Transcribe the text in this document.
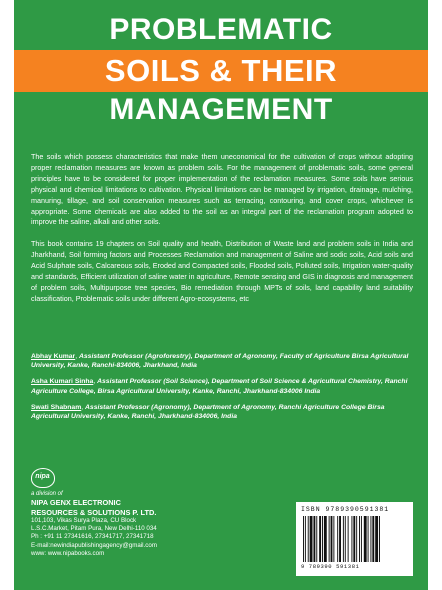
PROBLEMATIC
SOILS & THEIR
MANAGEMENT

The soils which possess characteristics that make them uneconomical for the cultivation of crops without adopting proper reclamation measures are known as problem soils. For the management of problematic soils, some general principles have to be considered for proper implementation of the reclamation measures. Some soils have serious physical and chemical limitations to cultivation. Physical limitations can be managed by irrigation, drainage, mulching, manuring, tillage, and soil conservation measures such as terracing, contouring, and cover crops, whichever is appropriate. Some chemicals are also added to the soil as an integral part of the reclamation program adopted to improve the saline, alkali and other soils.

This book contains 19 chapters on Soil quality and health, Distribution of Waste land and problem soils in India and Jharkhand, Soil forming factors and Processes Reclamation and management of Saline and sodic soils, Acid soils and Acid Sulphate soils, Calcareous soils, Eroded and Compacted soils, Flooded soils, Polluted soils, Irrigation water-quality and standards, Efficient utilization of saline water in agriculture, Remote sensing and GIS in diagnosis and management of problem soils, Multipurpose tree species, Bio remediation through MPTs of soils, land capability land suitability classification, Problematic soils under different Agro-ecosystems, etc

Abhay Kumar, Assistant Professor (Agroforestry), Department of Agronomy, Faculty of Agriculture Birsa Agricultural University, Kanke, Ranchi-834006, Jharkhand, India
Asha Kumari Sinha, Assistant Professor (Soil Science), Department of Soil Science & Agricultural Chemistry, Ranchi Agriculture College, Birsa Agricultural University, Kanke, Ranchi, Jharkhand-834006 India
Swati Shabnam, Assistant Professor (Agronomy), Department of Agronomy, Ranchi Agriculture College Birsa Agricultural University, Kanke, Ranchi, Jharkhand-834006, India
nipa
a division of
NIPA GENX ELECTRONIC
RESOURCES & SOLUTIONS P. LTD.
101,103, Vikas Surya Plaza, CU Block
L.S.C.Market, Pitam Pura, New Delhi-110 034
Ph : +91 11 27341616, 27341717, 27341718
E-mail:newindiapublishingagency@gmail.com
www: www.nipabooks.com
ISBN 9789390591381
9 789390 591381
